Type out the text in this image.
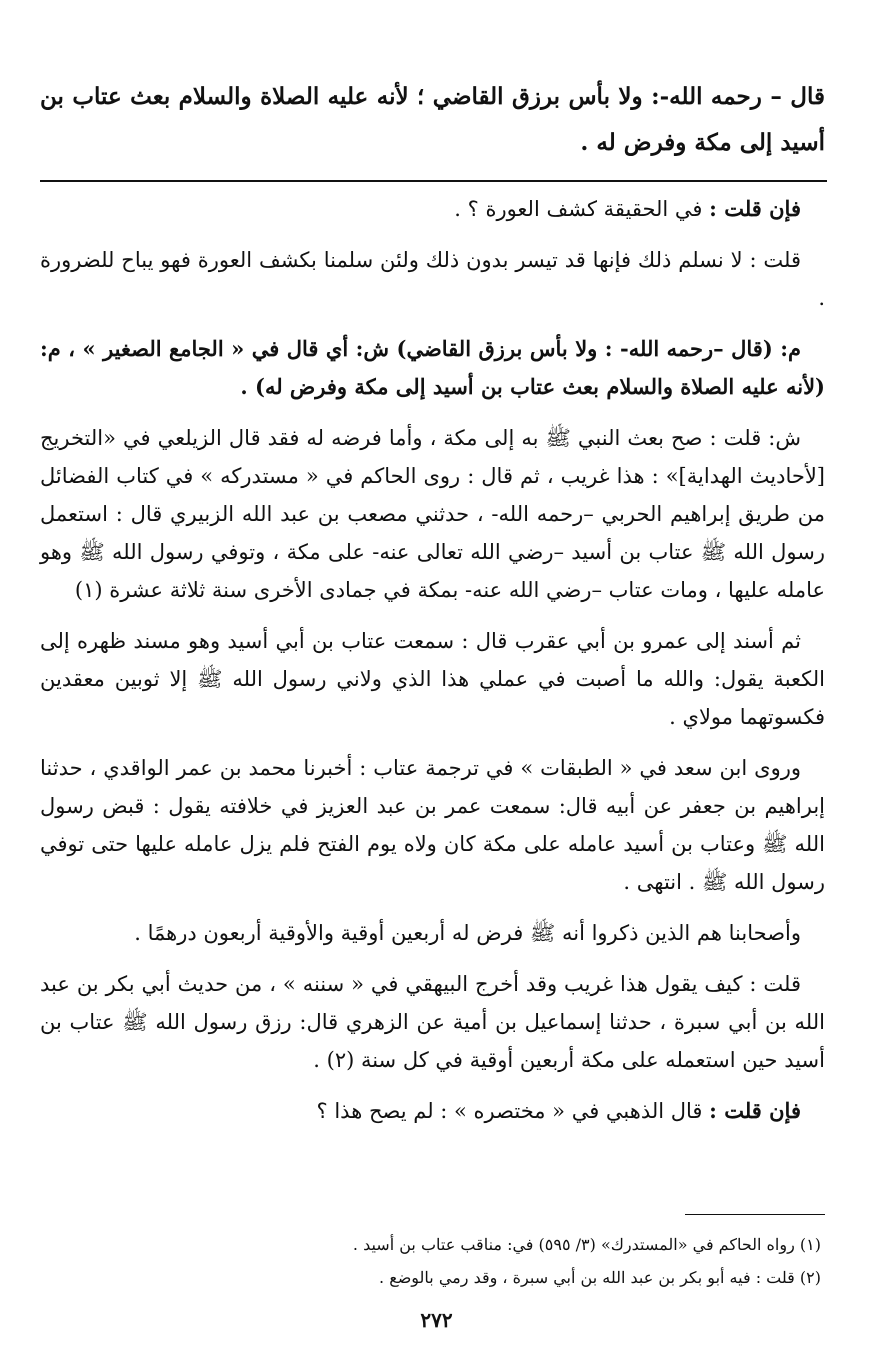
قال – رحمه الله-: ولا بأس برزق القاضي ؛ لأنه عليه الصلاة والسلام بعث عتاب بن أسيد إلى مكة وفرض له .

فإن قلت : في الحقيقة كشف العورة ؟ .

قلت : لا نسلم ذلك فإنها قد تيسر بدون ذلك ولئن سلمنا بكشف العورة فهو يباح للضرورة .

م: (قال –رحمه الله- : ولا بأس برزق القاضي) ش: أي قال في « الجامع الصغير » ، م: (لأنه عليه الصلاة والسلام بعث عتاب بن أسيد إلى مكة وفرض له) .

ش: قلت : صح بعث النبي ﷺ به إلى مكة ، وأما فرضه له فقد قال الزيلعي في «التخريج [لأحاديث الهداية]» : هذا غريب ، ثم قال : روى الحاكم في « مستدركه » في كتاب الفضائل من طريق إبراهيم الحربي –رحمه الله- ، حدثني مصعب بن عبد الله الزبيري قال : استعمل رسول الله ﷺ عتاب بن أسيد –رضي الله تعالى عنه- على مكة ، وتوفي رسول الله ﷺ وهو عامله عليها ، ومات عتاب –رضي الله عنه- بمكة في جمادى الأخرى سنة ثلاثة عشرة (١)

ثم أسند إلى عمرو بن أبي عقرب قال : سمعت عتاب بن أبي أسيد وهو مسند ظهره إلى الكعبة يقول: والله ما أصبت في عملي هذا الذي ولاني رسول الله ﷺ إلا ثوبين معقدين فكسوتهما مولاي .

وروى ابن سعد في « الطبقات » في ترجمة عتاب : أخبرنا محمد بن عمر الواقدي ، حدثنا إبراهيم بن جعفر عن أبيه قال: سمعت عمر بن عبد العزيز في خلافته يقول : قبض رسول الله ﷺ وعتاب بن أسيد عامله على مكة كان ولاه يوم الفتح فلم يزل عامله عليها حتى توفي رسول الله ﷺ . انتهى .

وأصحابنا هم الذين ذكروا أنه ﷺ فرض له أربعين أوقية والأوقية أربعون درهمًا .

قلت : كيف يقول هذا غريب وقد أخرج البيهقي في « سننه » ، من حديث أبي بكر بن عبد الله بن أبي سبرة ، حدثنا إسماعيل بن أمية عن الزهري قال: رزق رسول الله ﷺ عتاب بن أسيد حين استعمله على مكة أربعين أوقية في كل سنة (٢) .

فإن قلت : قال الذهبي في « مختصره » : لم يصح هذا ؟

(١) رواه الحاكم في «المستدرك» (٣/ ٥٩٥) في: مناقب عتاب بن أسيد .

(٢) قلت : فيه أبو بكر بن عبد الله بن أبي سبرة ، وقد رمي بالوضع .

٢٧٢
